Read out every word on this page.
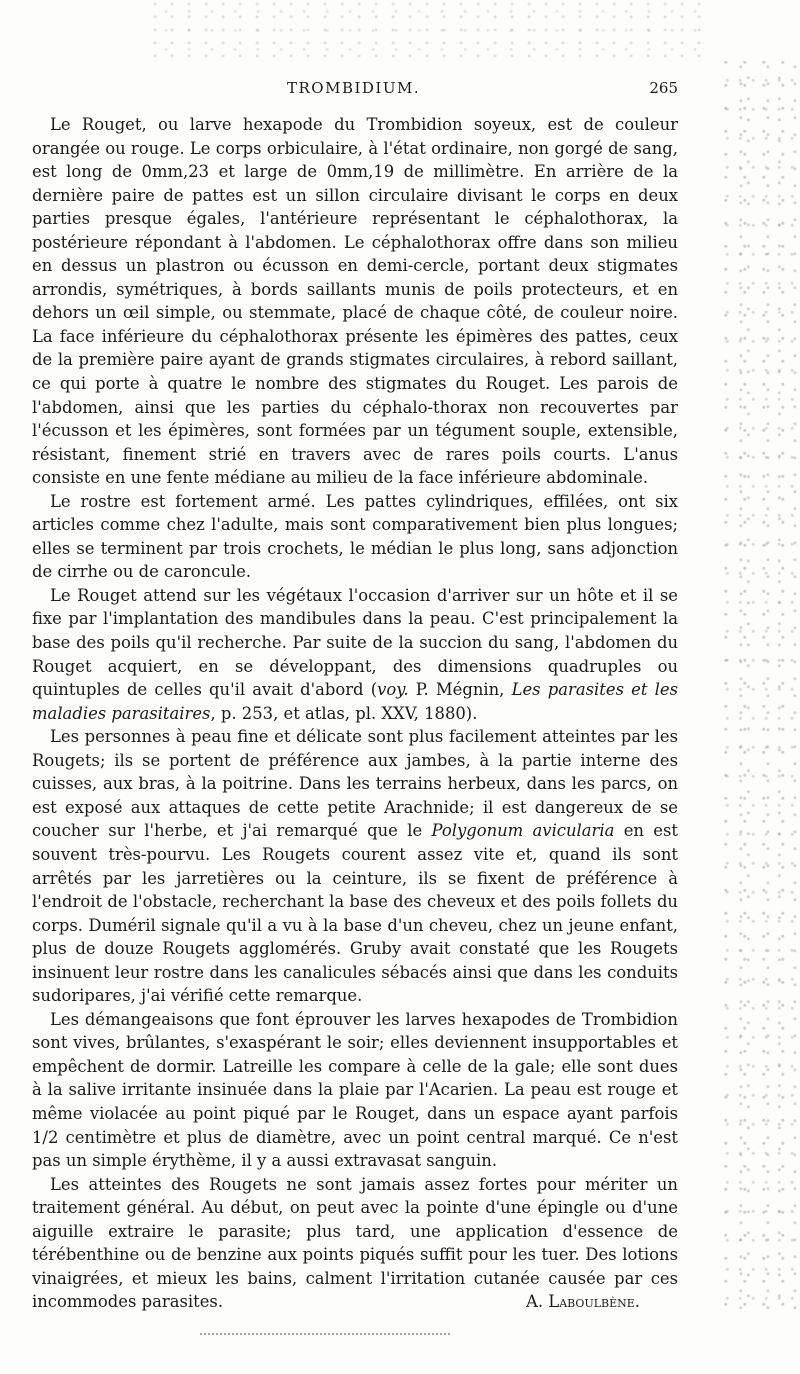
TROMBIDIUM.	265

Le Rouget, ou larve hexapode du Trombidion soyeux, est de couleur orangée ou rouge. Le corps orbiculaire, à l'état ordinaire, non gorgé de sang, est long de 0mm,23 et large de 0mm,19 de millimètre. En arrière de la dernière paire de pattes est un sillon circulaire divisant le corps en deux parties presque égales, l'antérieure représentant le céphalothorax, la postérieure répondant à l'abdomen. Le céphalothorax offre dans son milieu en dessus un plastron ou écusson en demi-cercle, portant deux stigmates arrondis, symétriques, à bords saillants munis de poils protecteurs, et en dehors un œil simple, ou stemmate, placé de chaque côté, de couleur noire. La face inférieure du céphalothorax présente les épimères des pattes, ceux de la première paire ayant de grands stigmates circulaires, à rebord saillant, ce qui porte à quatre le nombre des stigmates du Rouget. Les parois de l'abdomen, ainsi que les parties du céphalo-thorax non recouvertes par l'écusson et les épimères, sont formées par un tégument souple, extensible, résistant, finement strié en travers avec de rares poils courts. L'anus consiste en une fente médiane au milieu de la face inférieure abdominale.

Le rostre est fortement armé. Les pattes cylindriques, effilées, ont six articles comme chez l'adulte, mais sont comparativement bien plus longues; elles se terminent par trois crochets, le médian le plus long, sans adjonction de cirrhe ou de caroncule.

Le Rouget attend sur les végétaux l'occasion d'arriver sur un hôte et il se fixe par l'implantation des mandibules dans la peau. C'est principalement la base des poils qu'il recherche. Par suite de la succion du sang, l'abdomen du Rouget acquiert, en se développant, des dimensions quadruples ou quintuples de celles qu'il avait d'abord (voy. P. Mégnin, Les parasites et les maladies parasitaires, p. 253, et atlas, pl. XXV, 1880).

Les personnes à peau fine et délicate sont plus facilement atteintes par les Rougets; ils se portent de préférence aux jambes, à la partie interne des cuisses, aux bras, à la poitrine. Dans les terrains herbeux, dans les parcs, on est exposé aux attaques de cette petite Arachnide; il est dangereux de se coucher sur l'herbe, et j'ai remarqué que le Polygonum avicularia en est souvent très-pourvu. Les Rougets courent assez vite et, quand ils sont arrêtés par les jarretières ou la ceinture, ils se fixent de préférence à l'endroit de l'obstacle, recherchant la base des cheveux et des poils follets du corps. Duméril signale qu'il a vu à la base d'un cheveu, chez un jeune enfant, plus de douze Rougets agglomérés. Gruby avait constaté que les Rougets insinuent leur rostre dans les canalicules sébacés ainsi que dans les conduits sudoripares, j'ai vérifié cette remarque.

Les démangeaisons que font éprouver les larves hexapodes de Trombidion sont vives, brûlantes, s'exaspérant le soir; elles deviennent insupportables et empêchent de dormir. Latreille les compare à celle de la gale; elle sont dues à la salive irritante insinuée dans la plaie par l'Acarien. La peau est rouge et même violacée au point piqué par le Rouget, dans un espace ayant parfois 1/2 centimètre et plus de diamètre, avec un point central marqué. Ce n'est pas un simple érythème, il y a aussi extravasat sanguin.

Les atteintes des Rougets ne sont jamais assez fortes pour mériter un traitement général. Au début, on peut avec la pointe d'une épingle ou d'une aiguille extraire le parasite; plus tard, une application d'essence de térébenthine ou de benzine aux points piqués suffit pour les tuer. Des lotions vinaigrées, et mieux les bains, calment l'irritation cutanée causée par ces incommodes parasites.	A. Laboulbène.
